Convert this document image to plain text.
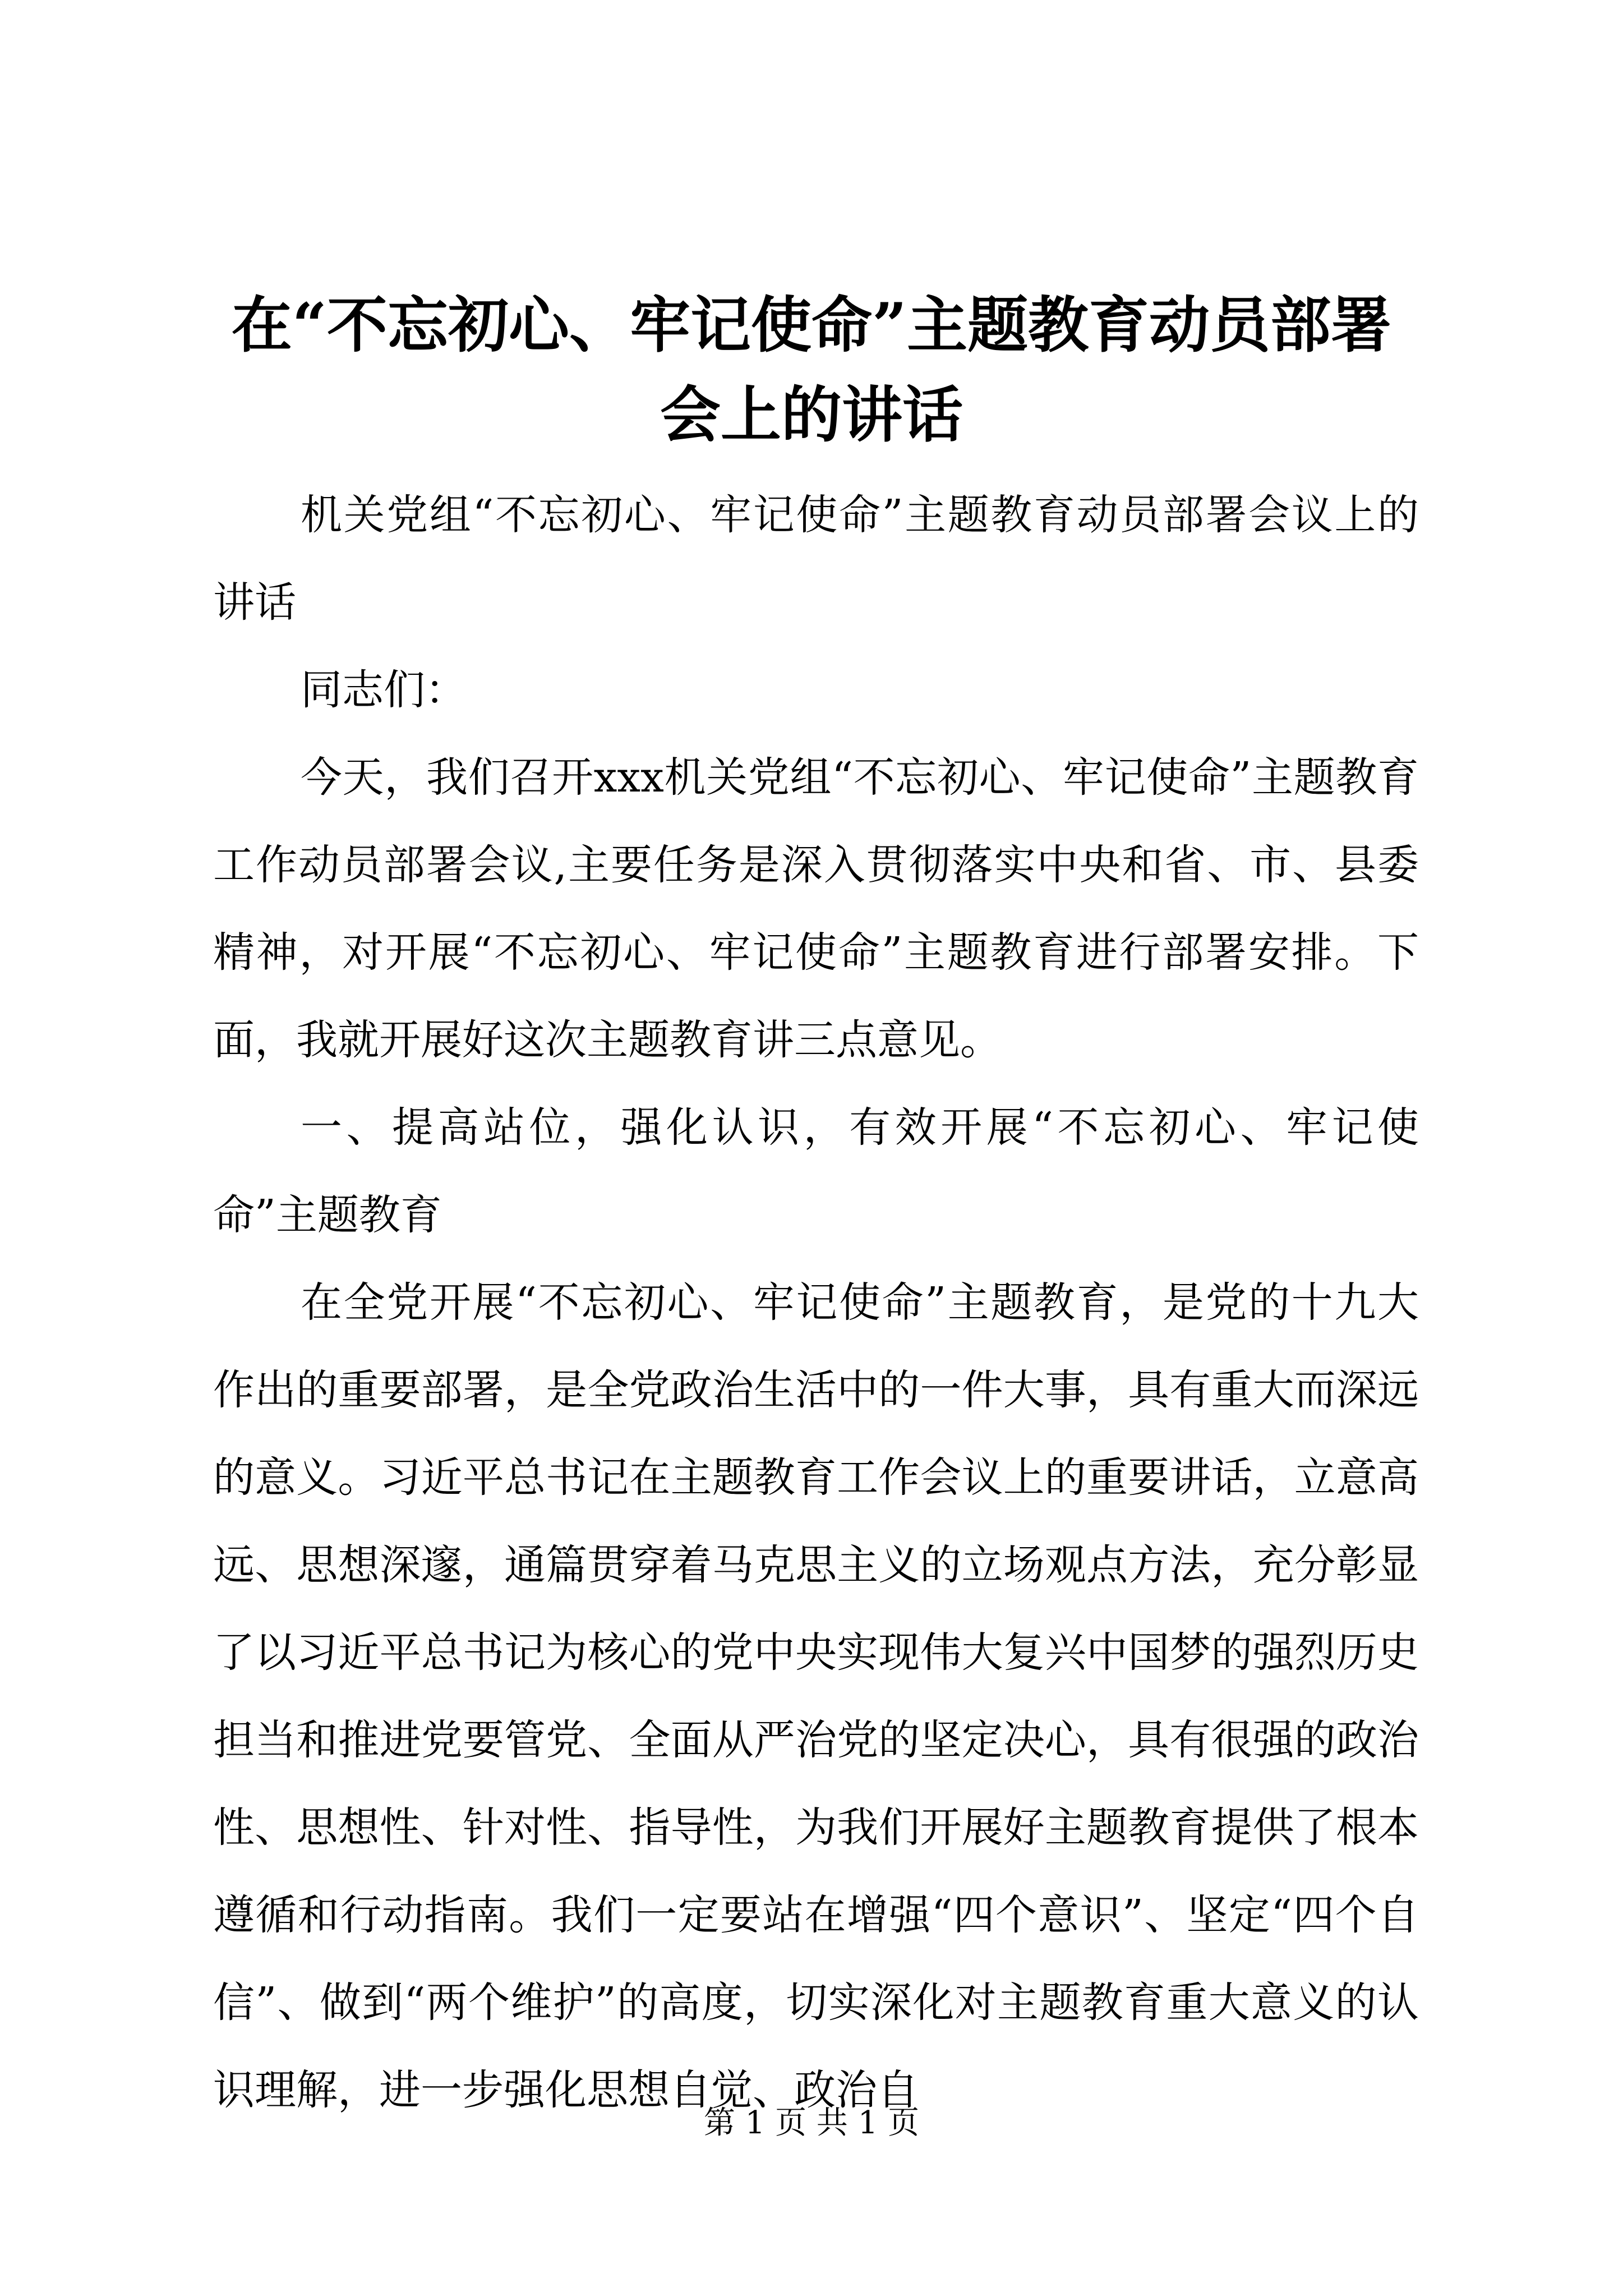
在“不忘初心、牢记使命”主题教育动员部署
会上的讲话

机关党组“不忘初心、牢记使命”主题教育动员部署会议上的讲话

同志们：

今天，我们召开xxx机关党组“不忘初心、牢记使命”主题教育工作动员部署会议,主要任务是深入贯彻落实中央和省、市、县委精神，对开展“不忘初心、牢记使命”主题教育进行部署安排。下面，我就开展好这次主题教育讲三点意见。

一、提高站位，强化认识，有效开展“不忘初心、牢记使命”主题教育

在全党开展“不忘初心、牢记使命”主题教育，是党的十九大作出的重要部署，是全党政治生活中的一件大事，具有重大而深远的意义。习近平总书记在主题教育工作会议上的重要讲话，立意高远、思想深邃，通篇贯穿着马克思主义的立场观点方法，充分彰显了以习近平总书记为核心的党中央实现伟大复兴中国梦的强烈历史担当和推进党要管党、全面从严治党的坚定决心，具有很强的政治性、思想性、针对性、指导性，为我们开展好主题教育提供了根本遵循和行动指南。我们一定要站在增强“四个意识”、坚定“四个自信”、做到“两个维护”的高度，切实深化对主题教育重大意义的认识理解，进一步强化思想自觉、政治自

第 1 页 共 1 页
